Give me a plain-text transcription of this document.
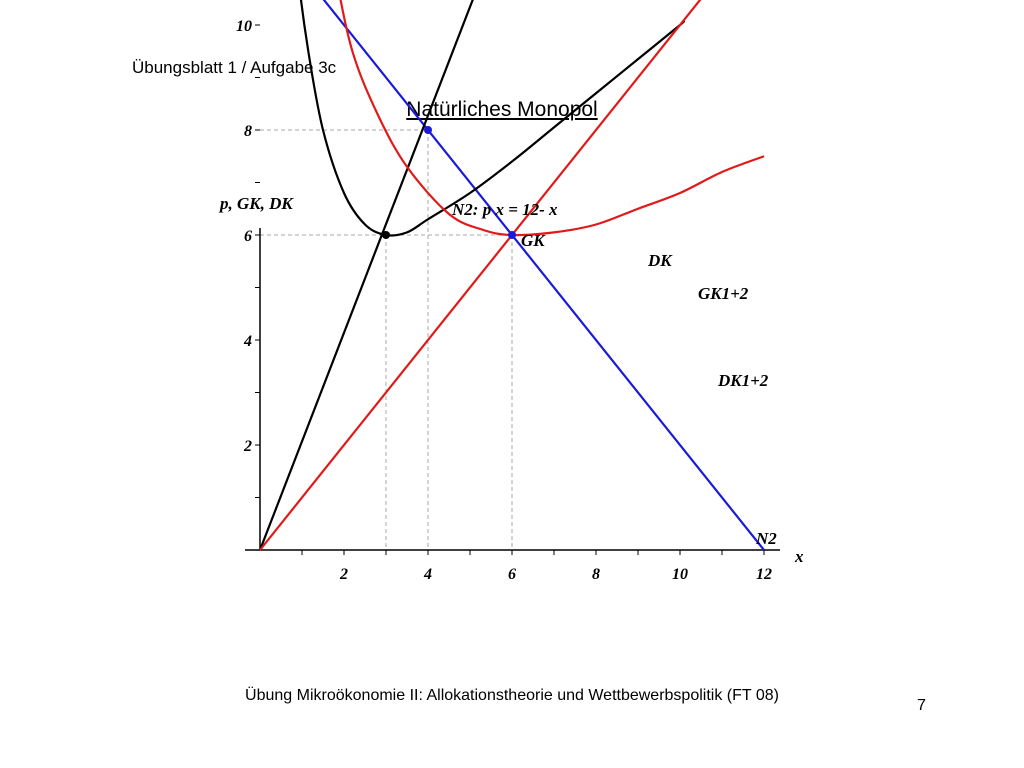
Übungsblatt 1 / Aufgabe 3c
Natürliches Monopol
2	4	6	8	10	12
2
4
6
8
10
p, GK, DK
x
N2: p x = 12- x
GK
DK
GK1+2
DK1+2
N2
Übung Mikroökonomie II: Allokationstheorie und Wettbewerbspolitik (FT 08)
7
